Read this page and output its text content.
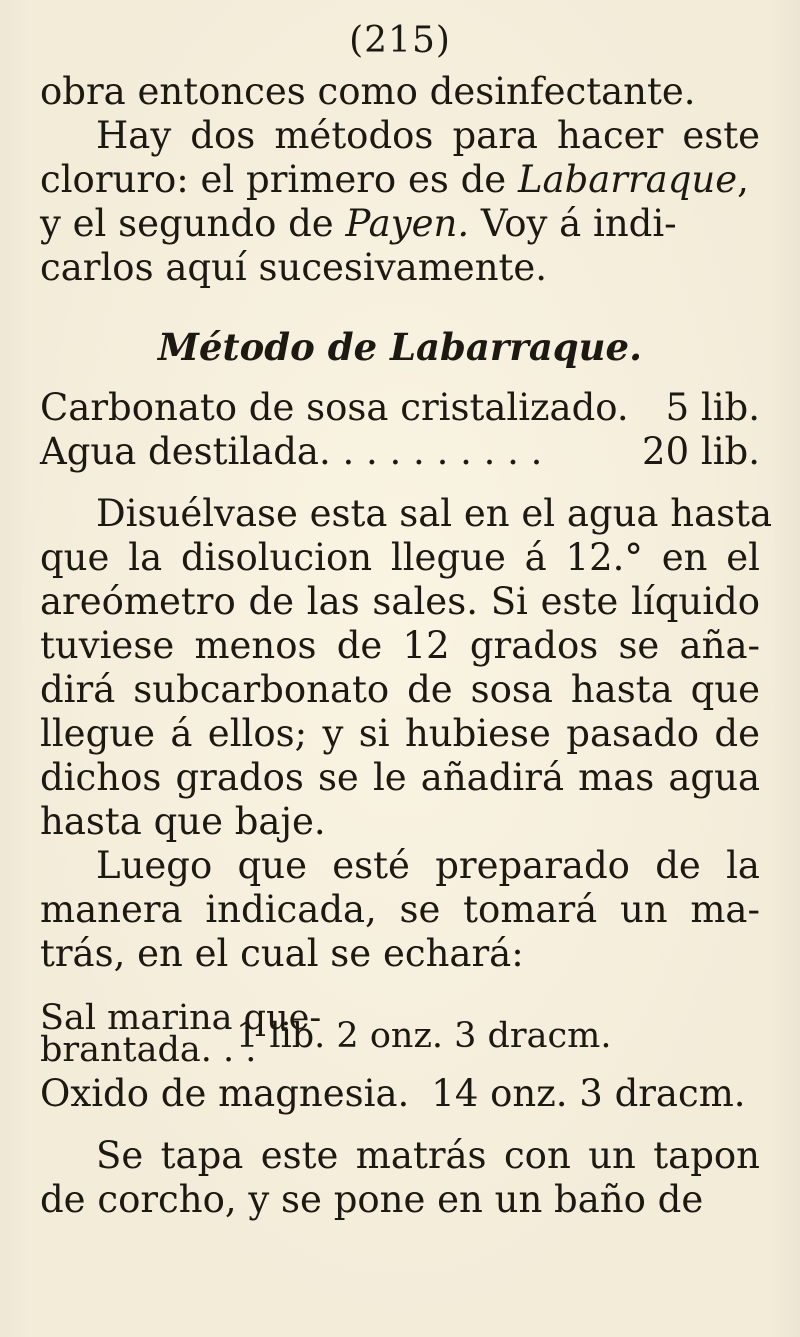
(215)
obra entonces como desinfectante.
Hay dos métodos para hacer este
cloruro: el primero es de Labarraque,
y el segundo de Payen. Voy á indi-
carlos aquí sucesivamente.
Método de Labarraque.
Carbonato de sosa cristalizado. 5 lib.
Agua destilada. . . . . . . . . .	20 lib.
Disuélvase esta sal en el agua hasta
que la disolucion llegue á 12.° en el
areómetro de las sales. Si este líquido
tuviese menos de 12 grados se aña-
dirá subcarbonato de sosa hasta que
llegue á ellos; y si hubiese pasado de
dichos grados se le añadirá mas agua
hasta que baje.
Luego que esté preparado de la
manera indicada, se tomará un ma-
trás, en el cual se echará:
Sal marina que-
brantada. . .
1 lib. 2 onz. 3 dracm.
Oxido de magnesia. 14 onz. 3 dracm.
Se tapa este matrás con un tapon
de corcho, y se pone en un baño de
